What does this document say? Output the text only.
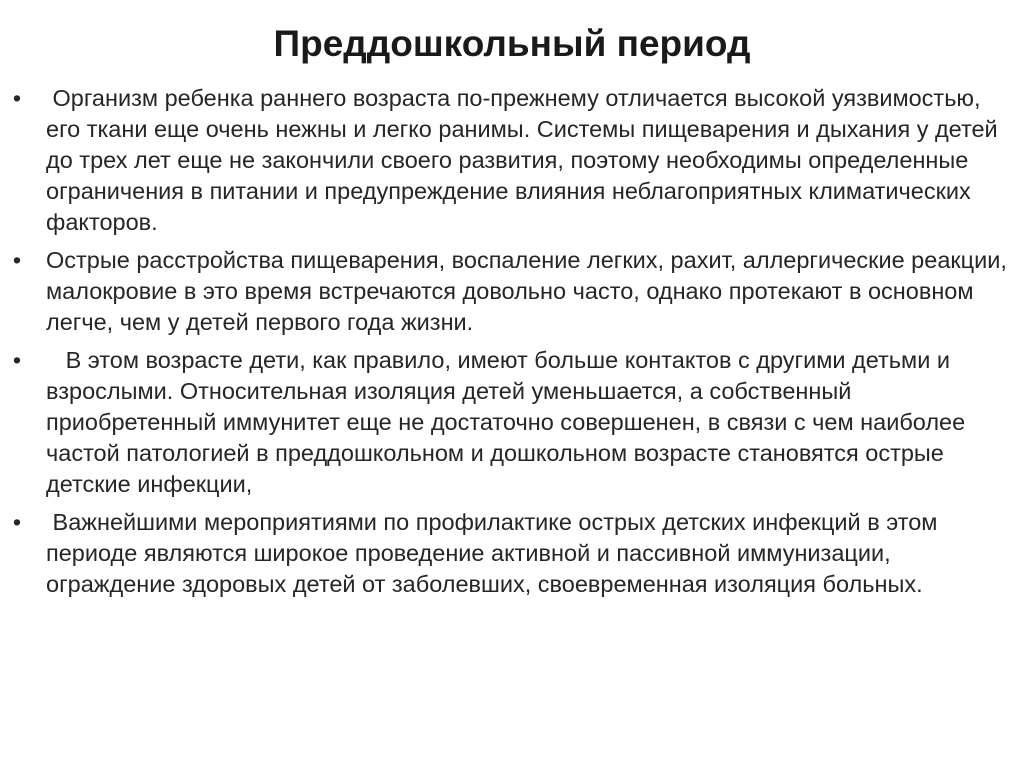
Преддошкольный период
• Организм ребенка раннего возраста по-прежнему отличается высокой уязвимостью, его ткани еще очень нежны и легко ранимы. Системы пищеварения и дыхания у детей до трех лет еще не закончили своего развития, поэтому необходимы определенные ограничения в питании и предупреждение влияния неблагоприятных климатических факторов.
• Острые расстройства пищеварения, воспаление легких, рахит, аллергические реакции, малокровие в это время встречаются довольно часто, однако протекают в основном легче, чем у детей первого года жизни.
• В этом возрасте дети, как правило, имеют больше контактов с другими детьми и взрослыми. Относительная изоляция детей уменьшается, а собственный приобретенный иммунитет еще не достаточно совершенен, в связи с чем наиболее частой патологией в преддошкольном и дошкольном возрасте становятся острые детские инфекции,
• Важнейшими мероприятиями по профилактике острых детских инфекций в этом периоде являются широкое проведение активной и пассивной иммунизации, ограждение здоровых детей от заболевших, своевременная изоляция больных.
